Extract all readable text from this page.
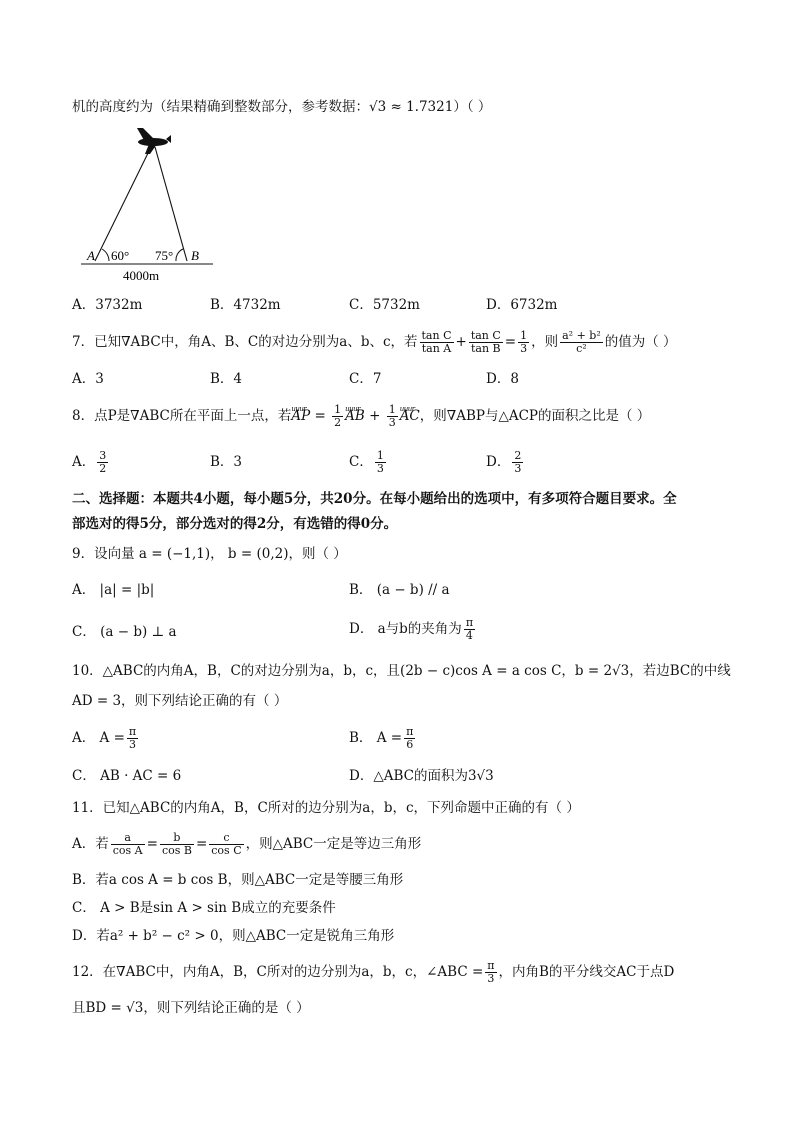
机的高度约为（结果精确到整数部分，参考数据：√3 ≈ 1.7321）（ ）
A 60° 75° B
4000m
A．3732m	B．4732m	C．5732m	D．6732m
7．已知∇ABC中，角A、B、C的对边分别为a、b、c，若 $\frac{\text{tan C}}{\text{tan A}} + \frac{\text{tan C}}{\text{tan B}} = \frac{1}{3}$ ，则 $\frac{\text{a² + b²}}{\text{c²}}$ 的值为（ ）
A．3	B．4	C．7	D．8
8．点P是∇ABC所在平面上一点，若uuur AP = $\frac{1}{2}$ uuur AB + $\frac{1}{3}$ uuur AC，则∇ABP与△ACP的面积之比是（ ）
A． $\frac{3}{2}$	B．3	C． $\frac{1}{3}$	D． $\frac{2}{3}$
二、选择题：本题共4小题，每小题5分，共20分。在每小题给出的选项中，有多项符合题目要求。全
部选对的得5分，部分选对的得2分，有选错的得0分。
9．设向量 a = (−1,1)， b = (0,2)，则（ ）
A． |a| = |b|	B． (a − b) // a
C． (a − b) ⊥ a	D． a与b的夹角为 $\frac{\pi}{4}$
10．△ABC的内角A，B，C的对边分别为a，b，c，且(2b − c)cos A = a cos C，b = 2√3，若边BC的中线
AD = 3，则下列结论正确的有（ ）
A． $A = \frac{\pi}{3}$	B． $A = \frac{\pi}{6}$
C． AB · AC = 6	D．△ABC的面积为3√3
11．已知△ABC的内角A，B，C所对的边分别为a，b，c，下列命题中正确的有（ ）
A．若 $\frac{a}{\text{cos A}} = \frac{b}{\text{cos B}} = \frac{c}{\text{cos C}}$ ，则△ABC一定是等边三角形
B．若a cos A = b cos B，则△ABC一定是等腰三角形
C． A > B是sin A > sin B成立的充要条件
D．若a² + b² − c² > 0，则△ABC一定是锐角三角形
12．在∇ABC中，内角A，B，C所对的边分别为a，b，c，∠ABC = $\frac{\pi}{3}$ ，内角B的平分线交AC于点D
且BD = √3，则下列结论正确的是（ ）
